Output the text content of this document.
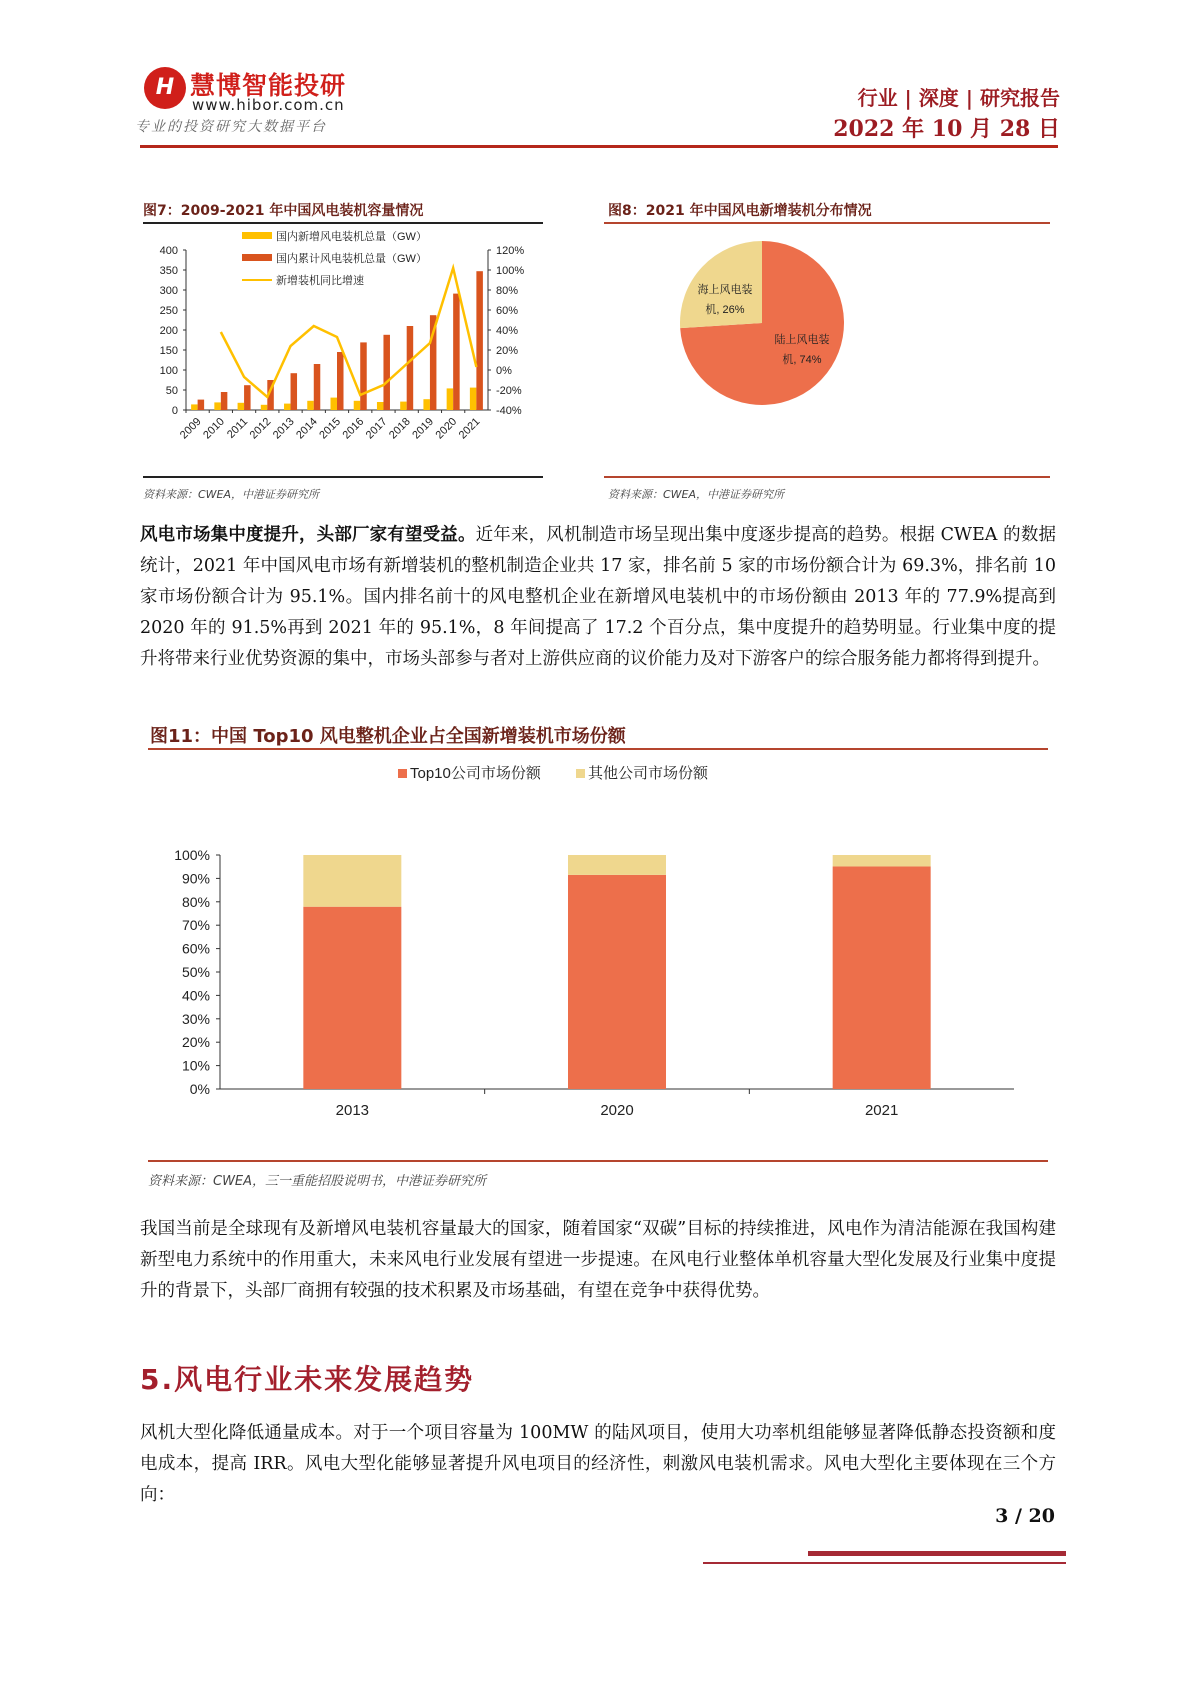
H 慧博智能投研
www.hibor.com.cn
专业的投资研究大数据平台
行业 | 深度 | 研究报告
2022 年 10 月 28 日
图7：2009-2021 年中国风电装机容量情况
0
50
100
150
200
250
300
350
400
-40%
-20%
0%
20%
40%
60%
80%
100%
120%
2009
2010
2011
2012
2013
2014
2015
2016
2017
2018
2019
2020
2021
国内新增风电装机总量（GW）
国内累计风电装机总量（GW）
新增装机同比增速
资料来源：CWEA，中港证券研究所
图8：2021 年中国风电新增装机分布情况
陆上风电装
机, 74%
海上风电装
机, 26%
资料来源：CWEA，中港证券研究所
风电市场集中度提升，头部厂家有望受益。近年来，风机制造市场呈现出集中度逐步提高的趋势。根据 CWEA 的数据统计，2021 年中国风电市场有新增装机的整机制造企业共 17 家，排名前 5 家的市场份额合计为 69.3%，排名前 10 家市场份额合计为 95.1%。国内排名前十的风电整机企业在新增风电装机中的市场份额由 2013 年的 77.9%提高到 2020 年的 91.5%再到 2021 年的 95.1%，8 年间提高了 17.2 个百分点，集中度提升的趋势明显。行业集中度的提升将带来行业优势资源的集中，市场头部参与者对上游供应商的议价能力及对下游客户的综合服务能力都将得到提升。
图11：中国 Top10 风电整机企业占全国新增装机市场份额
0%
10%
20%
30%
40%
50%
60%
70%
80%
90%
100%
2013	2020	2021
Top10公司市场份额	其他公司市场份额
资料来源：CWEA，三一重能招股说明书，中港证券研究所
我国当前是全球现有及新增风电装机容量最大的国家，随着国家“双碳”目标的持续推进，风电作为清洁能源在我国构建新型电力系统中的作用重大，未来风电行业发展有望进一步提速。在风电行业整体单机容量大型化发展及行业集中度提升的背景下，头部厂商拥有较强的技术积累及市场基础，有望在竞争中获得优势。
5.风电行业未来发展趋势
风机大型化降低通量成本。对于一个项目容量为 100MW 的陆风项目，使用大功率机组能够显著降低静态投资额和度电成本，提高 IRR。风电大型化能够显著提升风电项目的经济性，刺激风电装机需求。风电大型化主要体现在三个方向：
3 / 20
